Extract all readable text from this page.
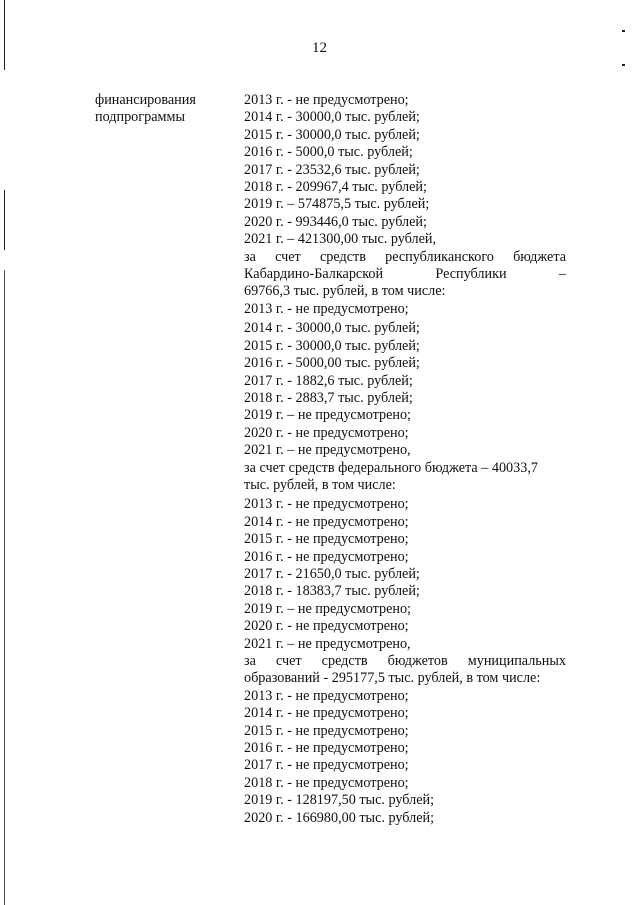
12
финансирования
подпрограммы
2013 г. - не предусмотрено;
2014 г. - 30000,0 тыс. рублей;
2015 г. - 30000,0 тыс. рублей;
2016 г. - 5000,0 тыс. рублей;
2017 г. - 23532,6 тыс. рублей;
2018 г. - 209967,4 тыс. рублей;
2019 г. – 574875,5 тыс. рублей;
2020 г. - 993446,0 тыс. рублей;
2021 г. – 421300,00 тыс. рублей,
за счет средств республиканского бюджета
Кабардино-Балкарской Республики –
69766,3 тыс. рублей, в том числе:
2013 г. - не предусмотрено;
2014 г. - 30000,0 тыс. рублей;
2015 г. - 30000,0 тыс. рублей;
2016 г. - 5000,00 тыс. рублей;
2017 г. - 1882,6 тыс. рублей;
2018 г. - 2883,7 тыс. рублей;
2019 г. – не предусмотрено;
2020 г. - не предусмотрено;
2021 г. – не предусмотрено,
за счет средств федерального бюджета – 40033,7
тыс. рублей, в том числе:
2013 г. - не предусмотрено;
2014 г. - не предусмотрено;
2015 г. - не предусмотрено;
2016 г. - не предусмотрено;
2017 г. - 21650,0 тыс. рублей;
2018 г. - 18383,7 тыс. рублей;
2019 г. – не предусмотрено;
2020 г. - не предусмотрено;
2021 г. – не предусмотрено,
за счет средств бюджетов муниципальных
образований - 295177,5 тыс. рублей, в том числе:
2013 г. - не предусмотрено;
2014 г. - не предусмотрено;
2015 г. - не предусмотрено;
2016 г. - не предусмотрено;
2017 г. - не предусмотрено;
2018 г. - не предусмотрено;
2019 г. - 128197,50 тыс. рублей;
2020 г. - 166980,00 тыс. рублей;
